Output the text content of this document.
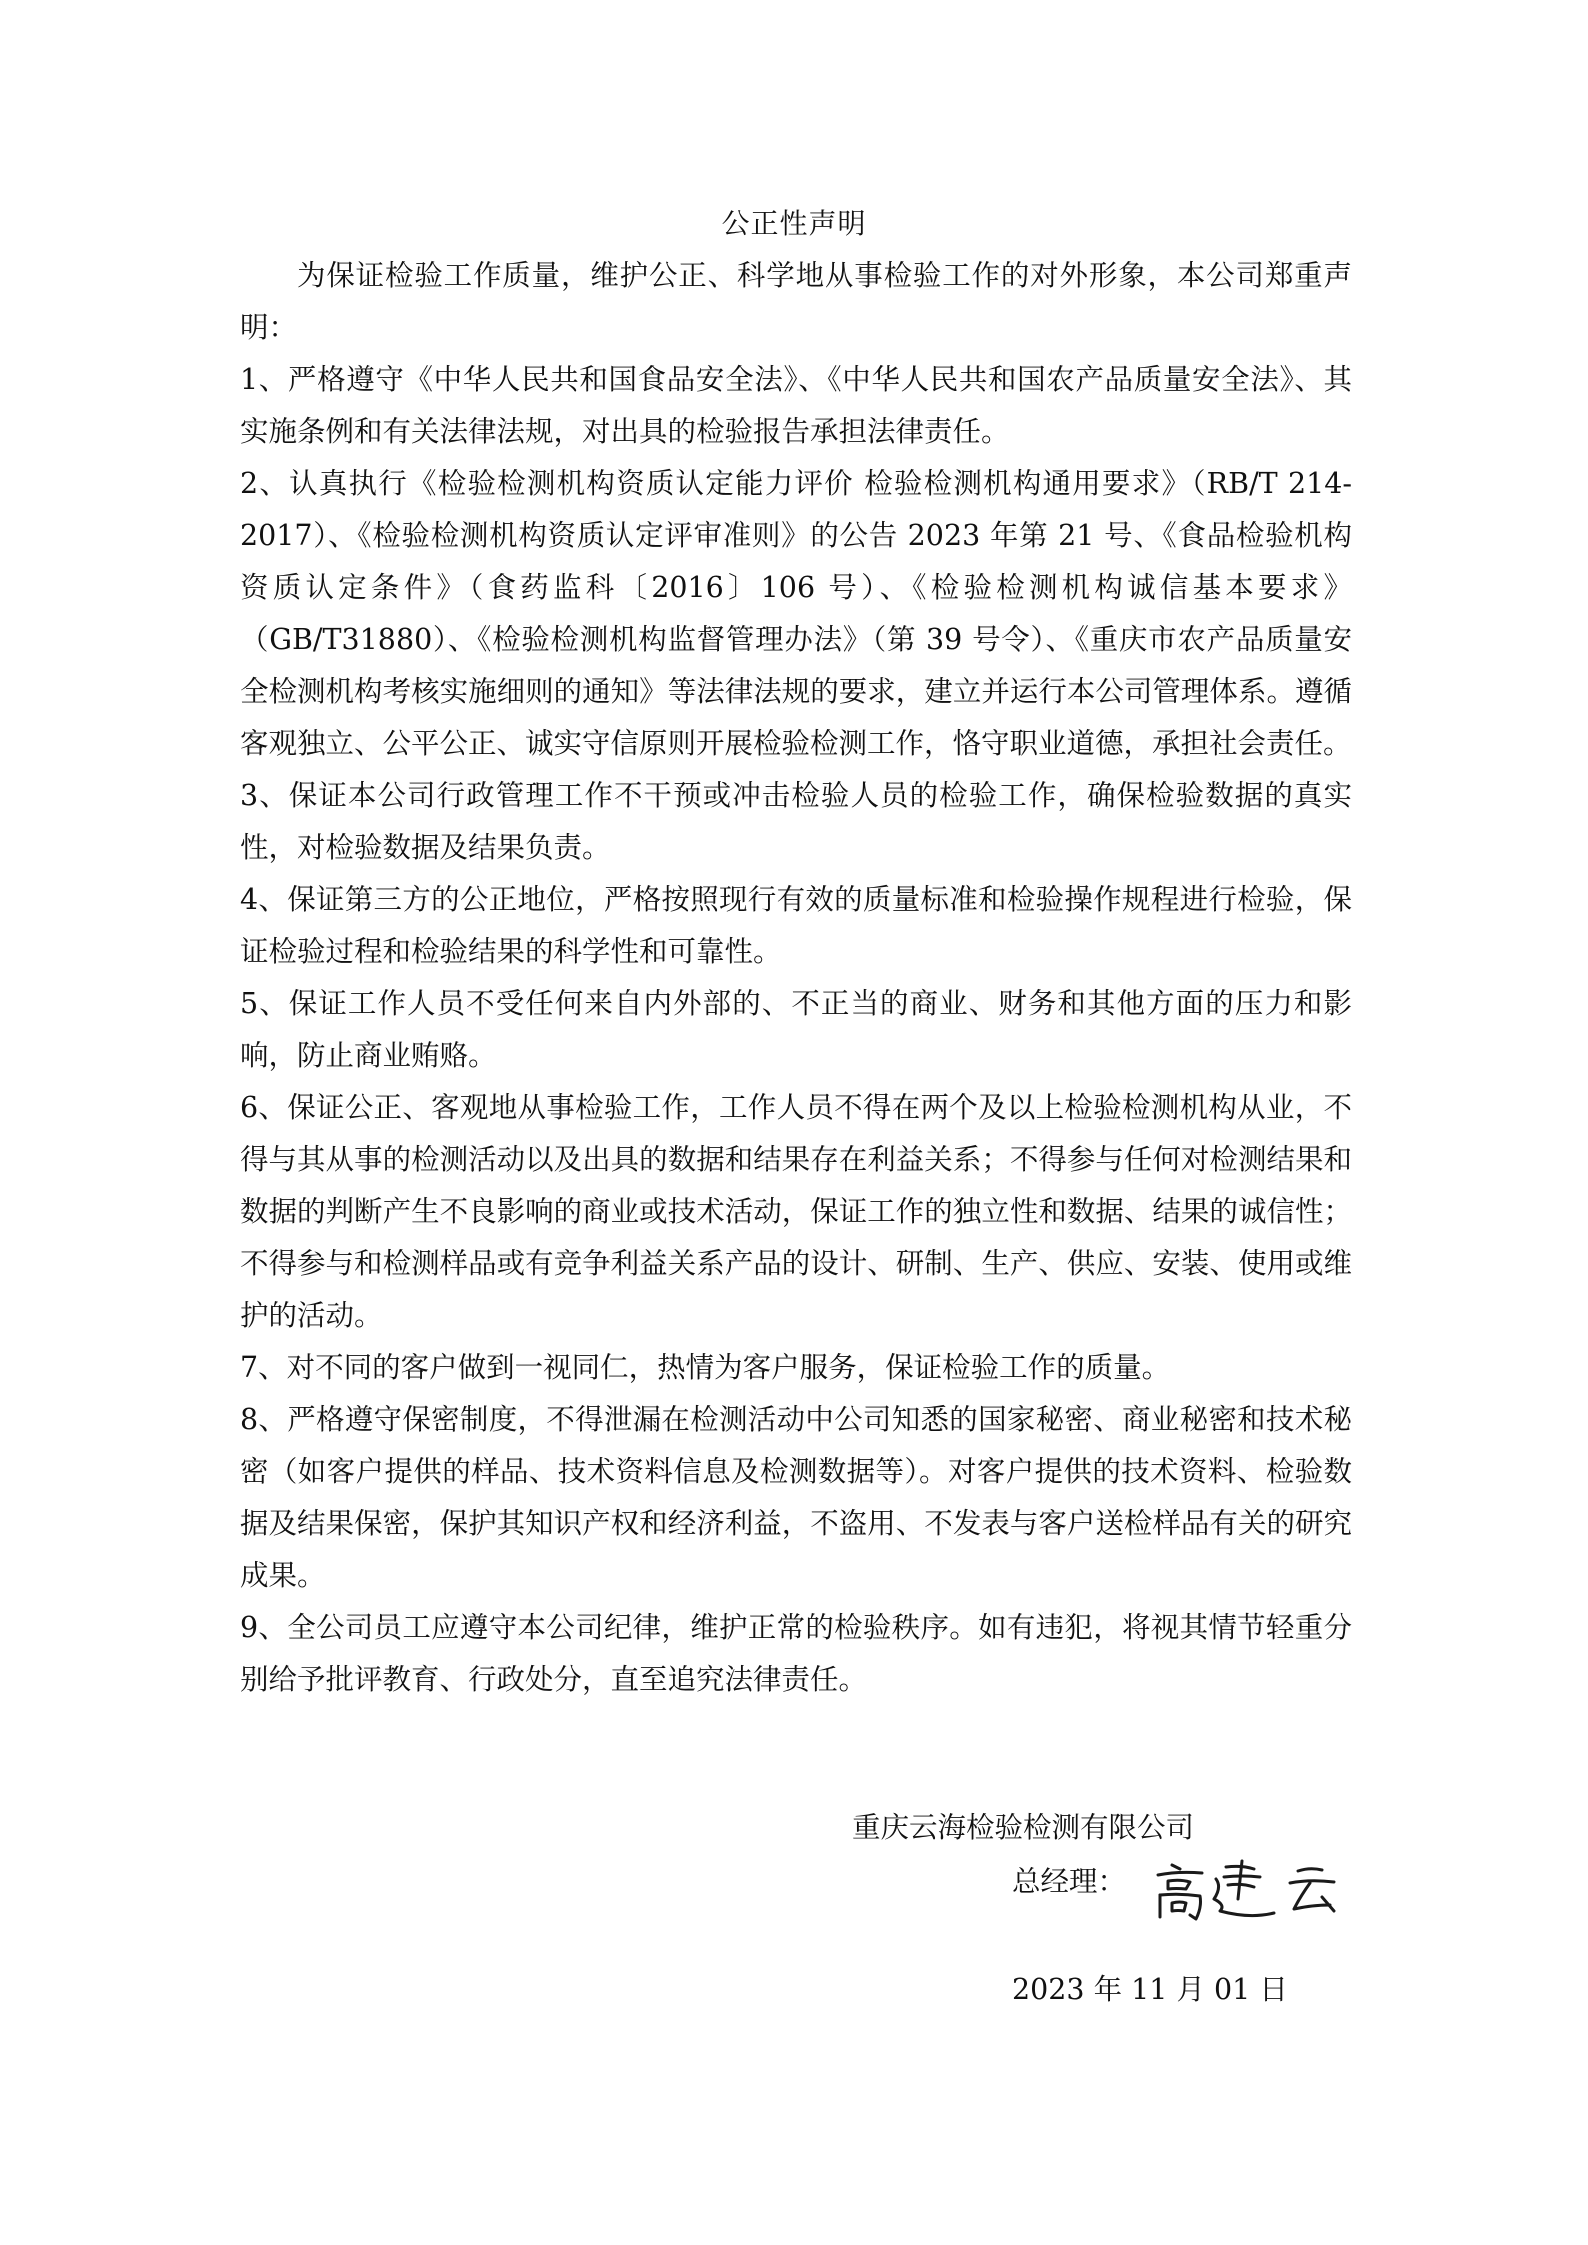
公正性声明

为保证检验工作质量，维护公正、科学地从事检验工作的对外形象，本公司郑重声明：

1、严格遵守《中华人民共和国食品安全法》、《中华人民共和国农产品质量安全法》、其实施条例和有关法律法规，对出具的检验报告承担法律责任。

2、认真执行《检验检测机构资质认定能力评价 检验检测机构通用要求》（RB/T 214-2017）、《检验检测机构资质认定评审准则》的公告 2023 年第 21 号、《食品检验机构资质认定条件》（食药监科〔2016〕106 号）、《检验检测机构诚信基本要求》（GB/T31880）、《检验检测机构监督管理办法》（第 39 号令）、《重庆市农产品质量安全检测机构考核实施细则的通知》等法律法规的要求，建立并运行本公司管理体系。遵循客观独立、公平公正、诚实守信原则开展检验检测工作，恪守职业道德，承担社会责任。

3、保证本公司行政管理工作不干预或冲击检验人员的检验工作，确保检验数据的真实性，对检验数据及结果负责。

4、保证第三方的公正地位，严格按照现行有效的质量标准和检验操作规程进行检验，保证检验过程和检验结果的科学性和可靠性。

5、保证工作人员不受任何来自内外部的、不正当的商业、财务和其他方面的压力和影响，防止商业贿赂。

6、保证公正、客观地从事检验工作，工作人员不得在两个及以上检验检测机构从业，不得与其从事的检测活动以及出具的数据和结果存在利益关系；不得参与任何对检测结果和数据的判断产生不良影响的商业或技术活动，保证工作的独立性和数据、结果的诚信性；不得参与和检测样品或有竞争利益关系产品的设计、研制、生产、供应、安装、使用或维护的活动。

7、对不同的客户做到一视同仁，热情为客户服务，保证检验工作的质量。

8、严格遵守保密制度，不得泄漏在检测活动中公司知悉的国家秘密、商业秘密和技术秘密（如客户提供的样品、技术资料信息及检测数据等）。对客户提供的技术资料、检验数据及结果保密，保护其知识产权和经济利益，不盗用、不发表与客户送检样品有关的研究成果。

9、全公司员工应遵守本公司纪律，维护正常的检验秩序。如有违犯，将视其情节轻重分别给予批评教育、行政处分，直至追究法律责任。

重庆云海检验检测有限公司
总经理：
2023 年 11 月 01 日
